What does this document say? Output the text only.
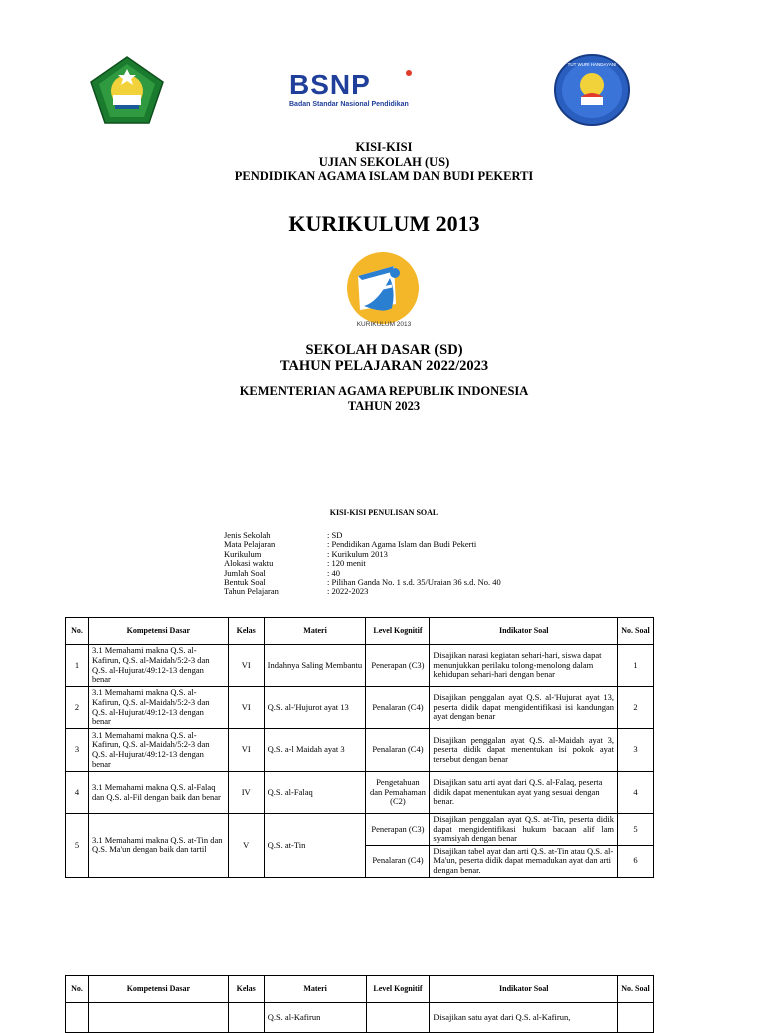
BSNP
Badan Standar Nasional Pendidikan
TUT WURI HANDAYANI
KISI-KISI
UJIAN SEKOLAH (US)
PENDIDIKAN AGAMA ISLAM DAN BUDI PEKERTI
KURIKULUM 2013
KURIKULUM 2013
SEKOLAH DASAR (SD)
TAHUN PELAJARAN 2022/2023
KEMENTERIAN AGAMA REPUBLIK INDONESIA
TAHUN 2023
KISI-KISI PENULISAN SOAL
Jenis Sekolah	: SD
Mata Pelajaran	: Pendidikan Agama Islam dan Budi Pekerti
Kurikulum	: Kurikulum 2013
Alokasi waktu	: 120 menit
Jumlah Soal	: 40
Bentuk Soal	: Pilihan Ganda No. 1 s.d. 35/Uraian 36 s.d. No. 40
Tahun Pelajaran	: 2022-2023
No.	Kompetensi Dasar	Kelas	Materi	Level Kognitif	Indikator Soal	No. Soal
1	3.1 Memahami makna Q.S. al-Kafirun, Q.S. al-Maidah/5:2-3 dan Q.S. al-Hujurat/49:12-13 dengan benar	VI	Indahnya Saling Membantu	Penerapan (C3)	Disajikan narasi kegiatan sehari-hari, siswa dapat menunjukkan perilaku tolong-menolong dalam kehidupan sehari-hari dengan benar	1
2	3.1 Memahami makna Q.S. al-Kafirun, Q.S. al-Maidah/5:2-3 dan Q.S. al-Hujurat/49:12-13 dengan benar	VI	Q.S. al-'Hujurot ayat 13	Penalaran (C4)	Disajikan penggalan ayat Q.S. al-'Hujurat ayat 13, peserta didik dapat mengidentifikasi isi kandungan ayat dengan benar	2
3	3.1 Memahami makna Q.S. al-Kafirun, Q.S. al-Maidah/5:2-3 dan Q.S. al-Hujurat/49:12-13 dengan benar	VI	Q.S. a-l Maidah ayat 3	Penalaran (C4)	Disajikan penggalan ayat Q.S. al-Maidah ayat 3, peserta didik dapat menentukan isi pokok ayat tersebut dengan benar	3
4	3.1 Memahami makna Q.S. al-Falaq dan Q.S. al-Fil dengan baik dan benar	IV	Q.S. al-Falaq	Pengetahuan dan Pemahaman (C2)	Disajikan satu arti ayat dari Q.S. al-Falaq, peserta didik dapat menentukan ayat yang sesuai dengan benar.	4
5	3.1 Memahami makna Q.S. at-Tin dan Q.S. Ma'un dengan baik dan tartil	V	Q.S. at-Tin	Penerapan (C3)	Disajikan penggalan ayat Q.S. at-Tin, peserta didik dapat mengidentifikasi hukum bacaan alif lam syamsiyah dengan benar	5
				Penalaran (C4)	Disajikan tabel ayat dan arti Q.S. at-Tin atau Q.S. al-Ma'un, peserta didik dapat memadukan ayat dan arti dengan benar.	6
No.	Kompetensi Dasar	Kelas	Materi	Level Kognitif	Indikator Soal	No. Soal
			Q.S. al-Kafirun		Disajikan satu ayat dari Q.S. al-Kafirun,	
